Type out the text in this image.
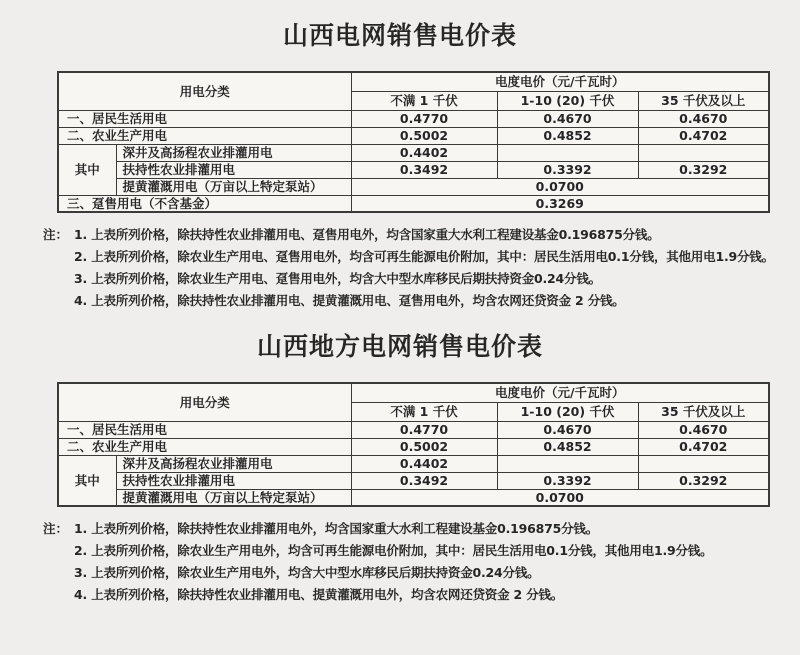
山西电网销售电价表
用电分类		电度电价（元/千瓦时）		
		不满 1 千伏	1-10 (20) 千伏	35 千伏及以上
一、居民生活用电		0.4770	0.4670	0.4670
二、农业生产用电		0.5002	0.4852	0.4702
其中	深井及高扬程农业排灌用电	0.4402		
	扶持性农业排灌用电	0.3492	0.3392	0.3292
	提黄灌溉用电（万亩以上特定泵站）	0.0700		
三、趸售用电（不含基金）		0.3269		
注： 1. 上表所列价格，除扶持性农业排灌用电、趸售用电外，均含国家重大水利工程建设基金0.196875分钱。
2. 上表所列价格，除农业生产用电、趸售用电外，均含可再生能源电价附加，其中：居民生活用电0.1分钱，其他用电1.9分钱。
3. 上表所列价格，除农业生产用电、趸售用电外，均含大中型水库移民后期扶持资金0.24分钱。
4. 上表所列价格，除扶持性农业排灌用电、提黄灌溉用电、趸售用电外，均含农网还贷资金 2 分钱。
山西地方电网销售电价表
用电分类		电度电价（元/千瓦时）		
		不满 1 千伏	1-10 (20) 千伏	35 千伏及以上
一、居民生活用电		0.4770	0.4670	0.4670
二、农业生产用电		0.5002	0.4852	0.4702
其中	深井及高扬程农业排灌用电	0.4402		
	扶持性农业排灌用电	0.3492	0.3392	0.3292
	提黄灌溉用电（万亩以上特定泵站）	0.0700		
注： 1. 上表所列价格，除扶持性农业排灌用电外，均含国家重大水利工程建设基金0.196875分钱。
2. 上表所列价格，除农业生产用电外，均含可再生能源电价附加，其中：居民生活用电0.1分钱，其他用电1.9分钱。
3. 上表所列价格，除农业生产用电外，均含大中型水库移民后期扶持资金0.24分钱。
4. 上表所列价格，除扶持性农业排灌用电、提黄灌溉用电外，均含农网还贷资金 2 分钱。
